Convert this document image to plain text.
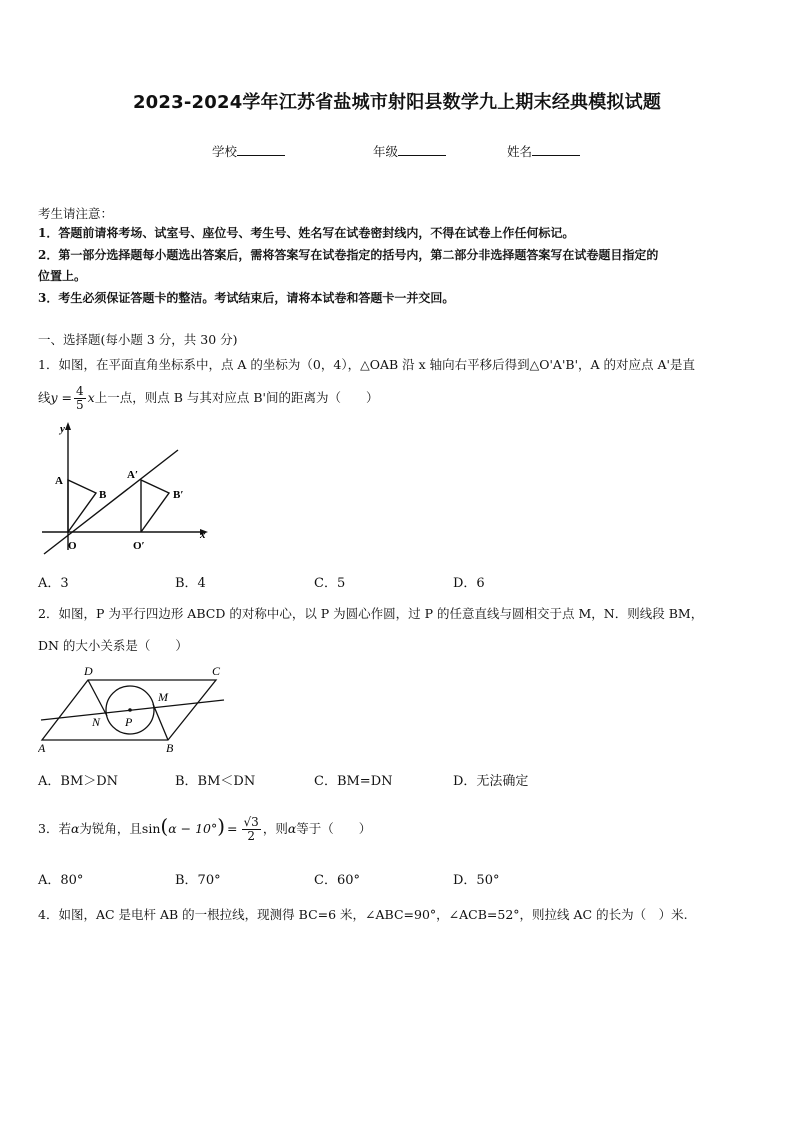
2023-2024学年江苏省盐城市射阳县数学九上期末经典模拟试题
学校	年级	姓名
考生请注意：
1．答题前请将考场、试室号、座位号、考生号、姓名写在试卷密封线内，不得在试卷上作任何标记。
2．第一部分选择题每小题选出答案后，需将答案写在试卷指定的括号内，第二部分非选择题答案写在试卷题目指定的
位置上。
3．考生必须保证答题卡的整洁。考试结束后，请将本试卷和答题卡一并交回。
一、选择题(每小题 3 分，共 30 分)
1．如图，在平面直角坐标系中，点 A 的坐标为（0，4），△OAB 沿 x 轴向右平移后得到△O'A'B'，A 的对应点 A'是直
线$y = \frac{4}{5}$ x上一点，则点 B 与其对应点 B'间的距离为（　　）
y
x
A
B
O
A′
B′
O′
A．3	B．4	C．5	D．6
2．如图，P 为平行四边形 ABCD 的对称中心，以 P 为圆心作圆，过 P 的任意直线与圆相交于点 M，N．则线段 BM，
DN 的大小关系是（　　）
D	C
M
N P
A	B
A．BM＞DN	B．BM＜DN	C．BM=DN	D．无法确定
3．若α为锐角，且$\sin(\alpha - 10^\circ) = \frac{√3}{2}$ ，则α等于（　　）
A．80°	B．70°	C．60°	D．50°
4．如图，AC 是电杆 AB 的一根拉线，现测得 BC=6 米，∠ABC=90°，∠ACB=52°，则拉线 AC 的长为（　）米.
